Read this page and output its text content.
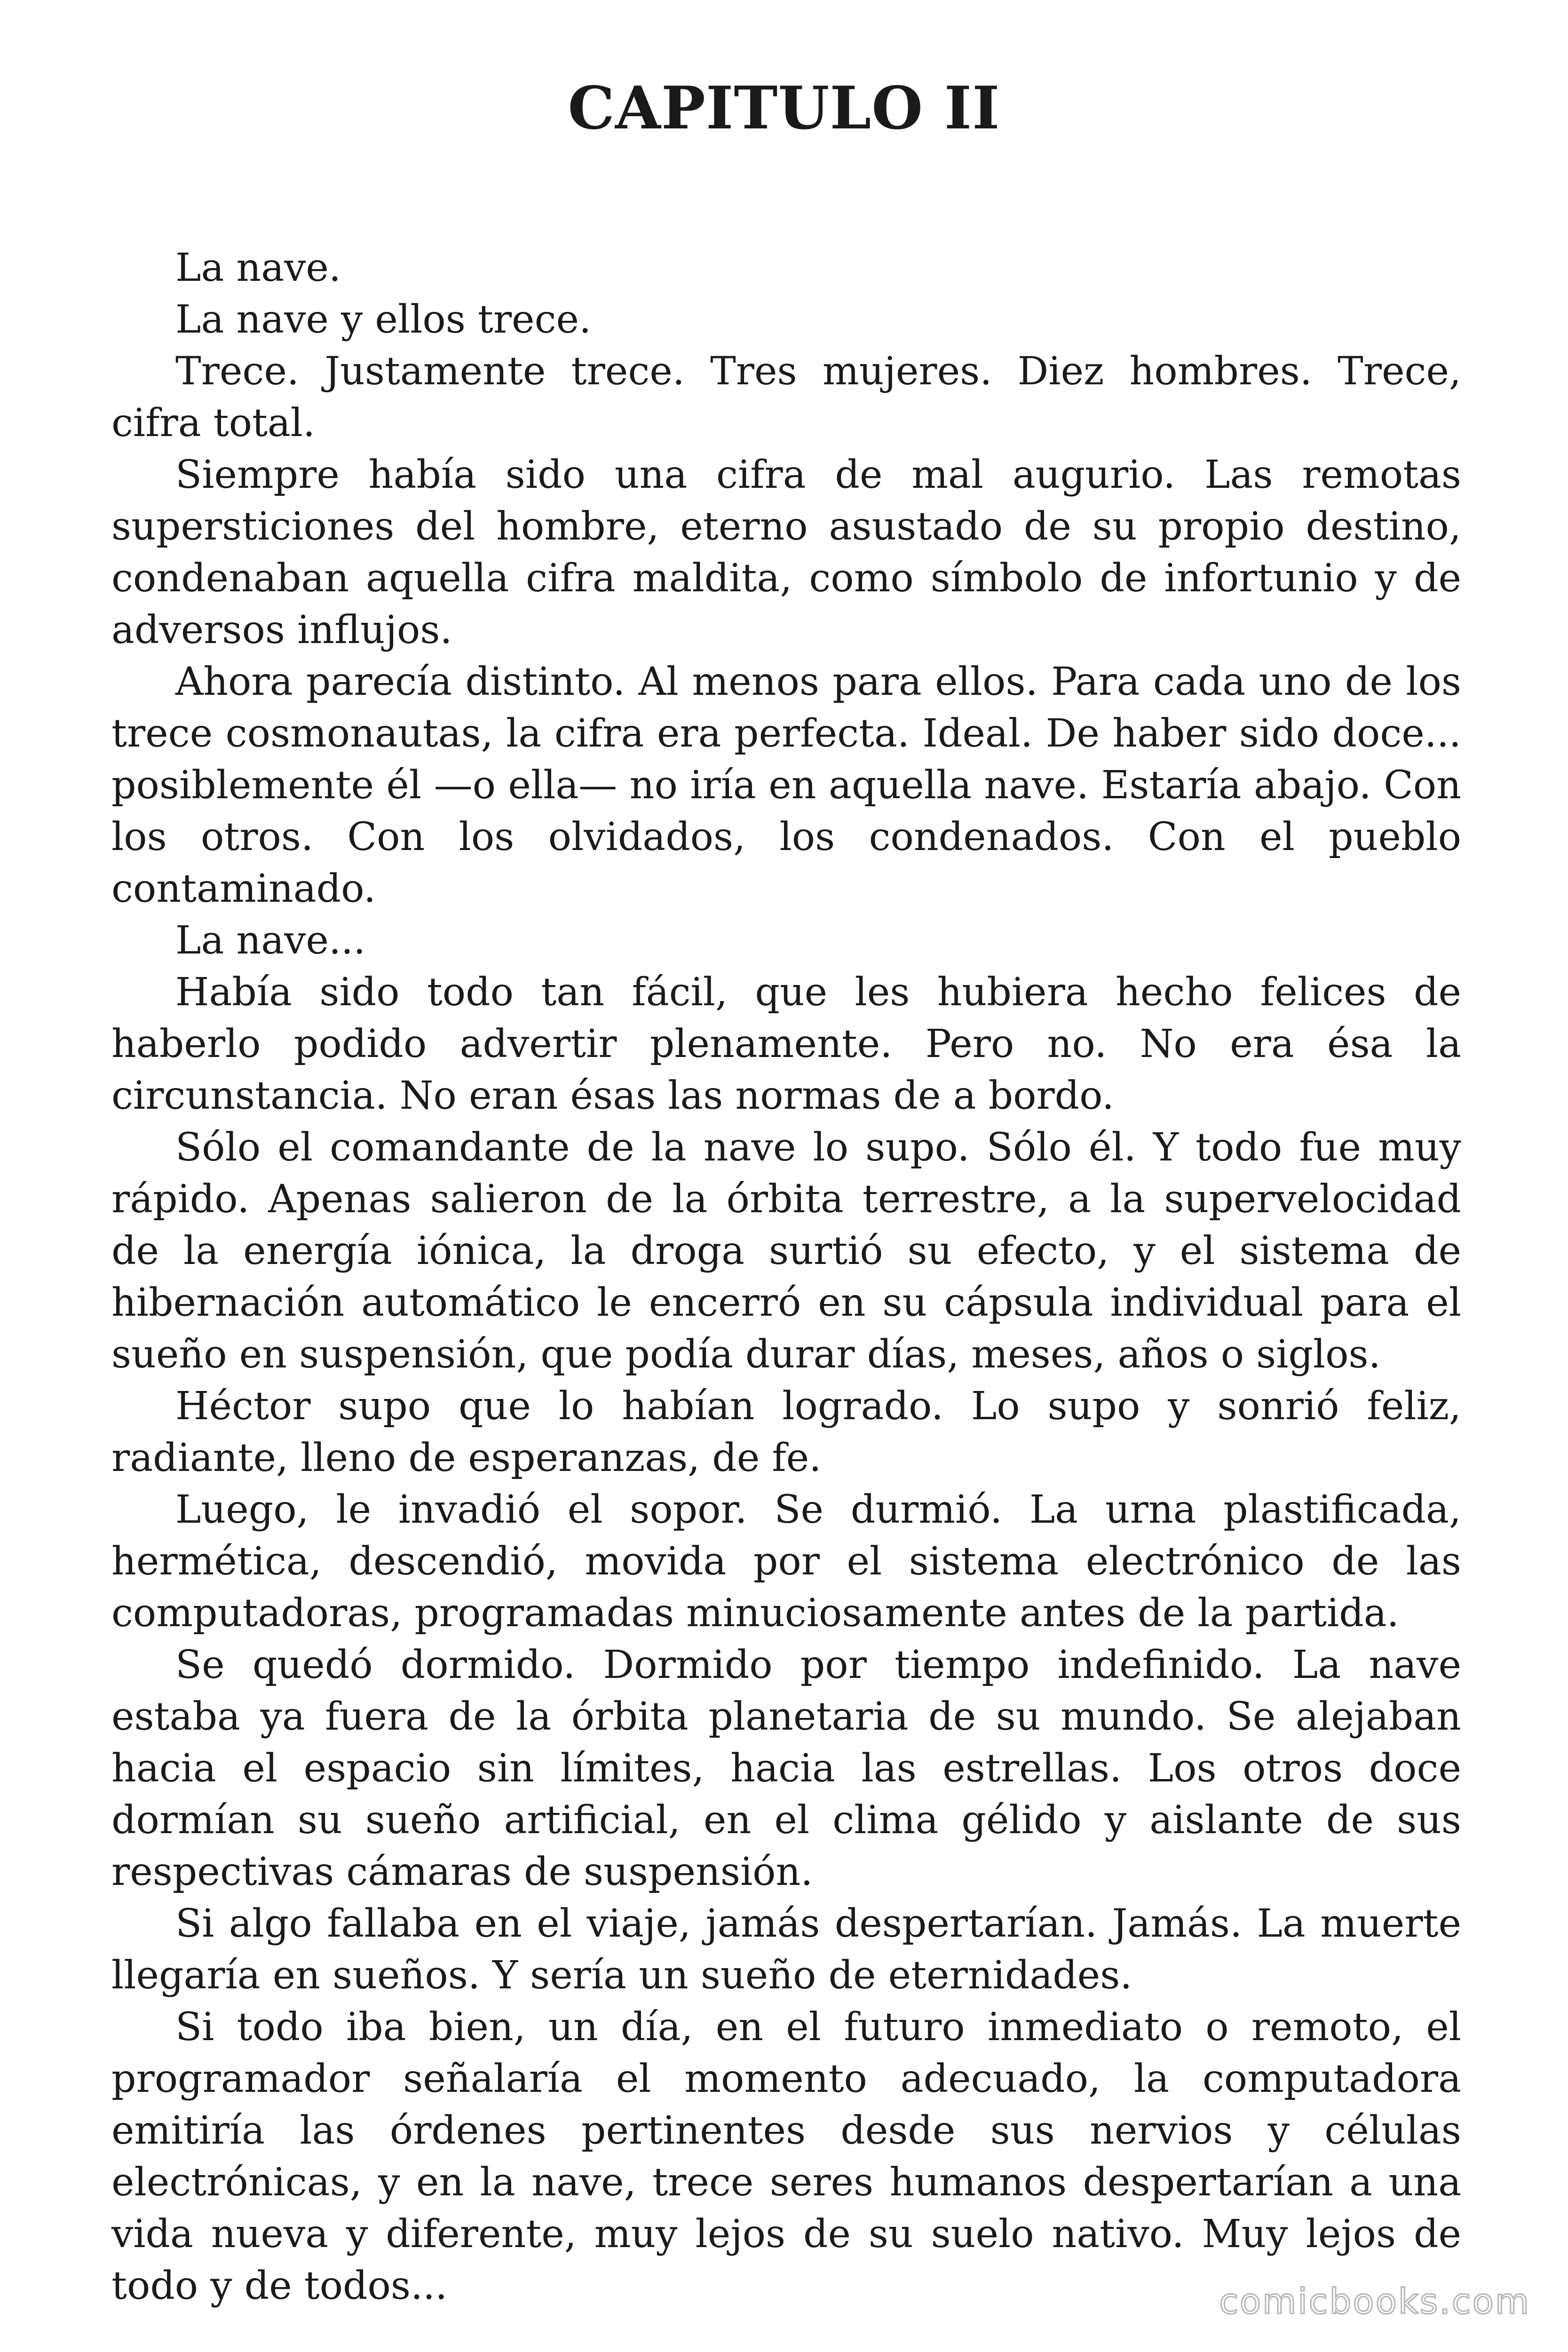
CAPITULO II

La nave.

La nave y ellos trece.

Trece. Justamente trece. Tres mujeres. Diez hombres. Trece, cifra total.

Siempre había sido una cifra de mal augurio. Las remotas supersticiones del hombre, eterno asustado de su propio destino, condenaban aquella cifra maldita, como símbolo de infortunio y de adversos influjos.

Ahora parecía distinto. Al menos para ellos. Para cada uno de los trece cosmonautas, la cifra era perfecta. Ideal. De haber sido doce... posiblemente él —o ella— no iría en aquella nave. Estaría abajo. Con los otros. Con los olvidados, los condenados. Con el pueblo contaminado.

La nave...

Había sido todo tan fácil, que les hubiera hecho felices de haberlo podido advertir plenamente. Pero no. No era ésa la circunstancia. No eran ésas las normas de a bordo.

Sólo el comandante de la nave lo supo. Sólo él. Y todo fue muy rápido. Apenas salieron de la órbita terrestre, a la supervelocidad de la energía iónica, la droga surtió su efecto, y el sistema de hibernación automático le encerró en su cápsula individual para el sueño en suspensión, que podía durar días, meses, años o siglos.

Héctor supo que lo habían logrado. Lo supo y sonrió feliz, radiante, lleno de esperanzas, de fe.

Luego, le invadió el sopor. Se durmió. La urna plastificada, hermética, descendió, movida por el sistema electrónico de las computadoras, programadas minuciosamente antes de la partida.

Se quedó dormido. Dormido por tiempo indefinido. La nave estaba ya fuera de la órbita planetaria de su mundo. Se alejaban hacia el espacio sin límites, hacia las estrellas. Los otros doce dormían su sueño artificial, en el clima gélido y aislante de sus respectivas cámaras de suspensión.

Si algo fallaba en el viaje, jamás despertarían. Jamás. La muerte llegaría en sueños. Y sería un sueño de eternidades.

Si todo iba bien, un día, en el futuro inmediato o remoto, el programador señalaría el momento adecuado, la computadora emitiría las órdenes pertinentes desde sus nervios y células electrónicas, y en la nave, trece seres humanos despertarían a una vida nueva y diferente, muy lejos de su suelo nativo. Muy lejos de todo y de todos...	comicbooks.com
